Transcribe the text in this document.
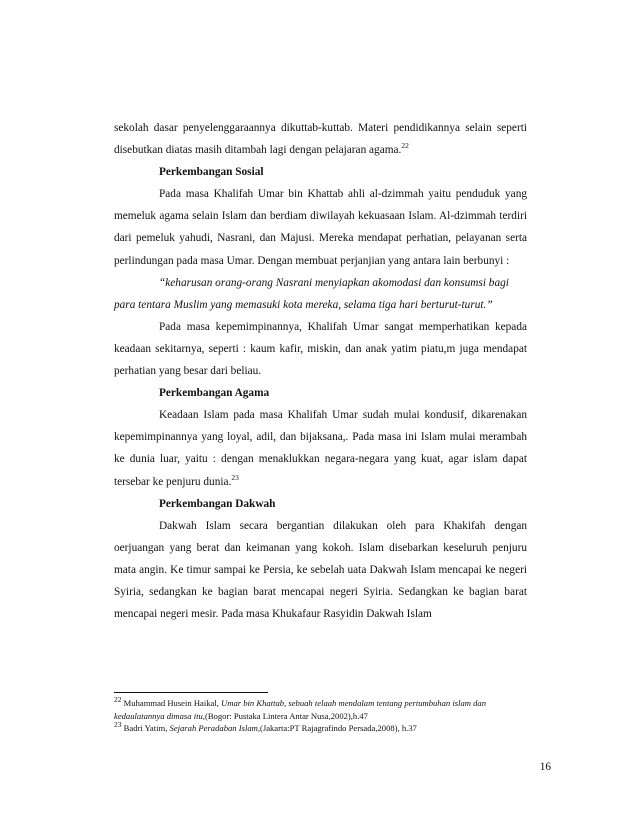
sekolah dasar penyelenggaraannya dikuttab-kuttab. Materi pendidikannya selain seperti disebutkan diatas masih ditambah lagi dengan pelajaran agama.$^{22}$

Perkembangan Sosial

Pada masa Khalifah Umar bin Khattab ahli al-dzimmah yaitu penduduk yang memeluk agama selain Islam dan berdiam diwilayah kekuasaan Islam. Al-dzimmah terdiri dari pemeluk yahudi, Nasrani, dan Majusi. Mereka mendapat perhatian, pelayanan serta perlindungan pada masa Umar. Dengan membuat perjanjian yang antara lain berbunyi :

“keharusan orang-orang Nasrani menyiapkan akomodasi dan konsumsi bagi para tentara Muslim yang memasuki kota mereka, selama tiga hari berturut-turut.”

Pada masa kepemimpinannya, Khalifah Umar sangat memperhatikan kepada keadaan sekitarnya, seperti : kaum kafir, miskin, dan anak yatim piatu,m juga mendapat perhatian yang besar dari beliau.

Perkembangan Agama

Keadaan Islam pada masa Khalifah Umar sudah mulai kondusif, dikarenakan kepemimpinannya yang loyal, adil, dan bijaksana,. Pada masa ini Islam mulai merambah ke dunia luar, yaitu : dengan menaklukkan negara-negara yang kuat, agar islam dapat tersebar ke penjuru dunia.$^{23}$

Perkembangan Dakwah

Dakwah Islam secara bergantian dilakukan oleh para Khakifah dengan oerjuangan yang berat dan keimanan yang kokoh. Islam disebarkan keseluruh penjuru mata angin. Ke timur sampai ke Persia, ke sebelah uata Dakwah Islam mencapai ke negeri Syiria, sedangkan ke bagian barat mencapai negeri Syiria. Sedangkan ke bagian barat mencapai negeri mesir. Pada masa Khukafaur Rasyidin Dakwah Islam

$^{22}$ Muhammad Husein Haikal, Umar bin Khattab, sebuah telaah mendalam tentang pertumbuhan islam dan kedaulatannya dimasa itu,(Bogor: Pustaka Lintera Antar Nusa,2002),h.47

$^{23}$ Badri Yatim, Sejarah Peradaban Islam,(Jakarta:PT Rajagrafindo Persada,2008), h.37

16
